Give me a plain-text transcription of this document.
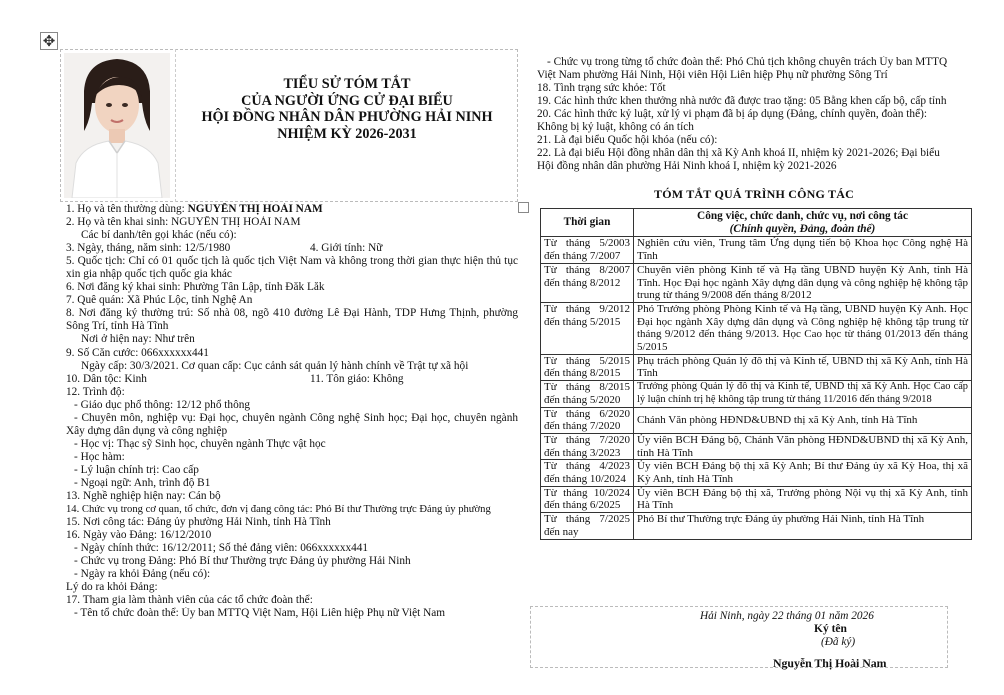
✥
TIỂU SỬ TÓM TẮT
CỦA NGƯỜI ỨNG CỬ ĐẠI BIỂU
HỘI ĐỒNG NHÂN DÂN PHƯỜNG HẢI NINH
NHIỆM KỲ 2026-2031
1. Họ và tên thường dùng: NGUYỄN THỊ HOÀI NAM
2. Họ và tên khai sinh: NGUYỄN THỊ HOÀI NAM
Các bí danh/tên gọi khác (nếu có):
3. Ngày, tháng, năm sinh: 12/5/1980	4. Giới tính: Nữ
5. Quốc tịch: Chỉ có 01 quốc tịch là quốc tịch Việt Nam và không trong thời gian thực hiện thủ tục xin gia nhập quốc tịch quốc gia khác
6. Nơi đăng ký khai sinh: Phường Tân Lập, tỉnh Đăk Lăk
7. Quê quán: Xã Phúc Lộc, tỉnh Nghệ An
8. Nơi đăng ký thường trú: Số nhà 08, ngõ 410 đường Lê Đại Hành, TDP Hưng Thịnh, phường Sông Trí, tỉnh Hà Tĩnh
Nơi ở hiện nay: Như trên
9. Số Căn cước: 066xxxxxx441
Ngày cấp: 30/3/2021. Cơ quan cấp: Cục cảnh sát quản lý hành chính về Trật tự xã hội
10. Dân tộc: Kinh	11. Tôn giáo: Không
12. Trình độ:
- Giáo dục phổ thông: 12/12 phổ thông
- Chuyên môn, nghiệp vụ: Đại học, chuyên ngành Công nghệ Sinh học; Đại học, chuyên ngành Xây dựng dân dụng và công nghiệp
- Học vị: Thạc sỹ Sinh học, chuyên ngành Thực vật học
- Học hàm:
- Lý luận chính trị: Cao cấp
- Ngoại ngữ: Anh, trình độ B1
13. Nghề nghiệp hiện nay: Cán bộ
14. Chức vụ trong cơ quan, tổ chức, đơn vị đang công tác: Phó Bí thư Thường trực Đảng ủy phường
15. Nơi công tác: Đảng ủy phường Hải Ninh, tỉnh Hà Tĩnh
16. Ngày vào Đảng: 16/12/2010
- Ngày chính thức: 16/12/2011; Số thẻ đảng viên: 066xxxxxx441
- Chức vụ trong Đảng: Phó Bí thư Thường trực Đảng ủy phường Hải Ninh
- Ngày ra khỏi Đảng (nếu có):
Lý do ra khỏi Đảng:
17. Tham gia làm thành viên của các tổ chức đoàn thể:
- Tên tổ chức đoàn thể: Ủy ban MTTQ Việt Nam, Hội Liên hiệp Phụ nữ Việt Nam
- Chức vụ trong từng tổ chức đoàn thể: Phó Chủ tịch không chuyên trách Ủy ban MTTQ
Việt Nam phường Hải Ninh, Hội viên Hội Liên hiệp Phụ nữ phường Sông Trí
18. Tình trạng sức khỏe: Tốt
19. Các hình thức khen thưởng nhà nước đã được trao tặng: 05 Bằng khen cấp bộ, cấp tỉnh
20. Các hình thức kỷ luật, xử lý vi phạm đã bị áp dụng (Đảng, chính quyền, đoàn thể):
Không bị kỷ luật, không có án tích
21. Là đại biểu Quốc hội khóa (nếu có):
22. Là đại biểu Hội đồng nhân dân thị xã Kỳ Anh khoá II, nhiệm kỳ 2021-2026; Đại biểu
Hội đồng nhân dân phường Hải Ninh khoá I, nhiệm kỳ 2021-2026
TÓM TẮT QUÁ TRÌNH CÔNG TÁC
Thời gian	Công việc, chức danh, chức vụ, nơi công tác
(Chính quyền, Đảng, đoàn thể)

Từ tháng 5/2003 đến tháng 7/2007	Nghiên cứu viên, Trung tâm Ứng dụng tiến bộ Khoa học Công nghệ Hà Tĩnh
Từ tháng 8/2007 đến tháng 8/2012	Chuyên viên phòng Kinh tế và Hạ tầng UBND huyện Kỳ Anh, tỉnh Hà Tĩnh. Học Đại học ngành Xây dựng dân dụng và công nghiệp hệ không tập trung từ tháng 9/2008 đến tháng 8/2012
Từ tháng 9/2012 đến tháng 5/2015	Phó Trưởng phòng Phòng Kinh tế và Hạ tầng, UBND huyện Kỳ Anh. Học Đại học ngành Xây dựng dân dụng và Công nghiệp hệ không tập trung từ tháng 9/2012 đến tháng 9/2013. Học Cao học từ tháng 01/2013 đến tháng 5/2015
Từ tháng 5/2015 đến tháng 8/2015	Phụ trách phòng Quản lý đô thị và Kinh tế, UBND thị xã Kỳ Anh, tỉnh Hà Tĩnh
Từ tháng 8/2015 đến tháng 5/2020	Trưởng phòng Quản lý đô thị và Kinh tế, UBND thị xã Kỳ Anh. Học Cao cấp lý luận chính trị hệ không tập trung từ tháng 11/2016 đến tháng 9/2018
Từ tháng 6/2020 đến tháng 7/2020	Chánh Văn phòng HĐND&UBND thị xã Kỳ Anh, tỉnh Hà Tĩnh
Từ tháng 7/2020 đến tháng 3/2023	Ủy viên BCH Đảng bộ, Chánh Văn phòng HĐND&UBND thị xã Kỳ Anh, tỉnh Hà Tĩnh
Từ tháng 4/2023 đến tháng 10/2024	Ủy viên BCH Đảng bộ thị xã Kỳ Anh; Bí thư Đảng ủy xã Kỳ Hoa, thị xã Kỳ Anh, tỉnh Hà Tĩnh
Từ tháng 10/2024 đến tháng 6/2025	Ủy viên BCH Đảng bộ thị xã, Trưởng phòng Nội vụ thị xã Kỳ Anh, tỉnh Hà Tĩnh
Từ tháng 7/2025 đến nay	Phó Bí thư Thường trực Đảng ủy phường Hải Ninh, tỉnh Hà Tĩnh
Hải Ninh, ngày 22 tháng 01 năm 2026
Ký tên
(Đã ký)
Nguyễn Thị Hoài Nam
